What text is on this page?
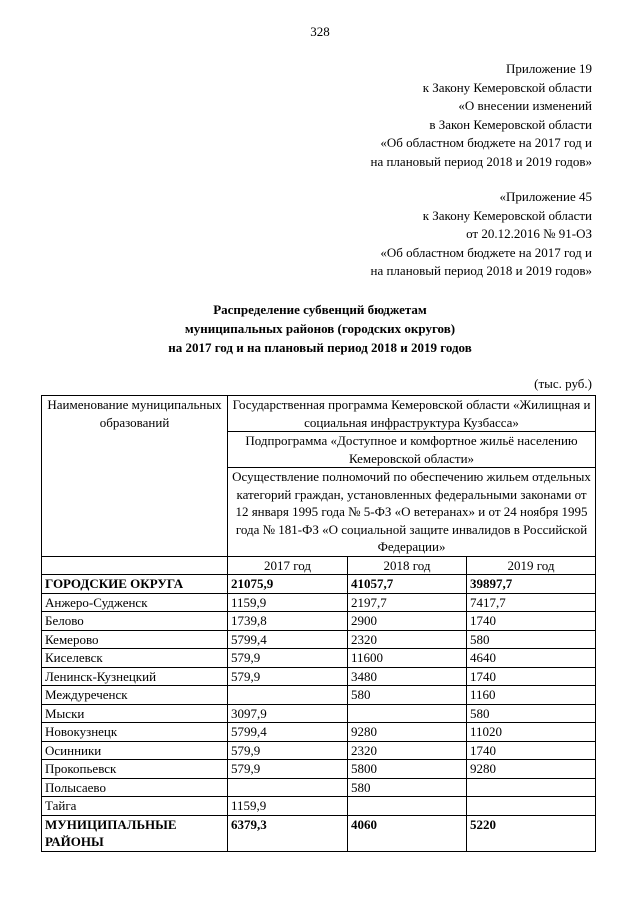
328
Приложение 19
к Закону Кемеровской области
«О внесении изменений
в Закон Кемеровской области
«Об областном бюджете на 2017 год и
на плановый период 2018 и 2019 годов»
«Приложение 45
к Закону Кемеровской области
от 20.12.2016 № 91-ОЗ
«Об областном бюджете на 2017 год и
на плановый период 2018 и 2019 годов»
Распределение субвенций бюджетам
муниципальных районов (городских округов)
на 2017 год и на плановый период 2018 и 2019 годов
(тыс. руб.)
Наименование муниципальных образований	Государственная программа Кемеровской области «Жилищная и социальная инфраструктура Кузбасса»		
	Подпрограмма «Доступное и комфортное жильё населению Кемеровской области»		
	Осуществление полномочий по обеспечению жильем отдельных категорий граждан, установленных федеральными законами от 12 января 1995 года № 5-ФЗ «О ветеранах» и от 24 ноября 1995 года № 181-ФЗ «О социальной защите инвалидов в Российской Федерации»		
	2017 год	2018 год	2019 год
ГОРОДСКИЕ ОКРУГА	21075,9	41057,7	39897,7
Анжеро-Судженск	1159,9	2197,7	7417,7
Белово	1739,8	2900	1740
Кемерово	5799,4	2320	580
Киселевск	579,9	11600	4640
Ленинск-Кузнецкий	579,9	3480	1740
Междуреченск		580	1160
Мыски	3097,9		580
Новокузнецк	5799,4	9280	11020
Осинники	579,9	2320	1740
Прокопьевск	579,9	5800	9280
Полысаево		580	
Тайга	1159,9		
МУНИЦИПАЛЬНЫЕ РАЙОНЫ	6379,3	4060	5220
